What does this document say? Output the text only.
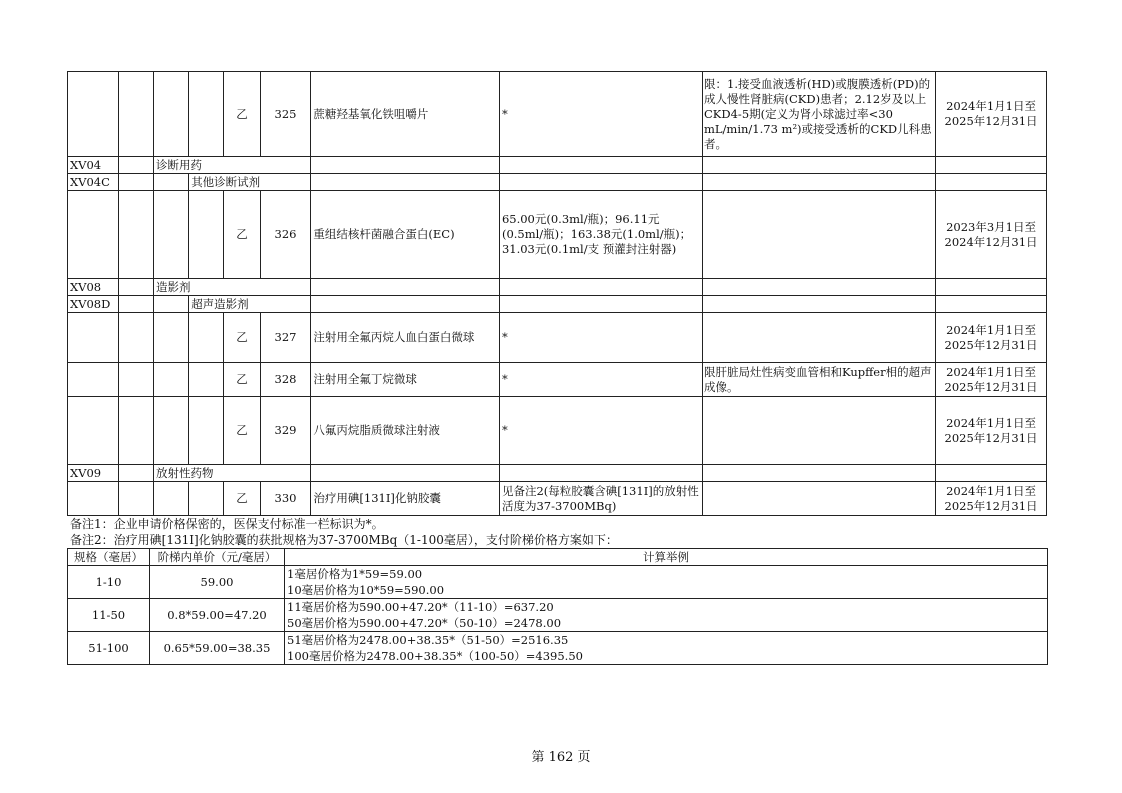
				乙	325	蔗糖羟基氧化铁咀嚼片	*	限：1.接受血液透析(HD)或腹膜透析(PD)的成人慢性肾脏病(CKD)患者；2.12岁及以上CKD4-5期(定义为肾小球滤过率<30 mL/min/1.73 m²)或接受透析的CKD儿科患者。	2024年1月1日至2025年12月31日
XV04		诊断用药							
XV04C			其他诊断试剂						
				乙	326	重组结核杆菌融合蛋白(EC)	65.00元(0.3ml/瓶)；96.11元(0.5ml/瓶)；163.38元(1.0ml/瓶)；31.03元(0.1ml/支 预灌封注射器)		2023年3月1日至2024年12月31日
XV08		造影剂							
XV08D			超声造影剂						
				乙	327	注射用全氟丙烷人血白蛋白微球	*		2024年1月1日至2025年12月31日
				乙	328	注射用全氟丁烷微球	*	限肝脏局灶性病变血管相和Kupffer相的超声成像。	2024年1月1日至2025年12月31日
				乙	329	八氟丙烷脂质微球注射液	*		2024年1月1日至2025年12月31日
XV09		放射性药物							
				乙	330	治疗用碘[131I]化钠胶囊	见备注2(每粒胶囊含碘[131I]的放射性活度为37-3700MBq)		2024年1月1日至2025年12月31日
备注1：企业申请价格保密的，医保支付标准一栏标识为*。
备注2：治疗用碘[131I]化钠胶囊的获批规格为37-3700MBq（1-100毫居），支付阶梯价格方案如下：
规格（毫居）	阶梯内单价（元/毫居）	计算举例
1-10	59.00	1毫居价格为1*59=59.00
10毫居价格为10*59=590.00

11-50	0.8*59.00=47.20	11毫居价格为590.00+47.20*（11-10）=637.20
50毫居价格为590.00+47.20*（50-10）=2478.00

51-100	0.65*59.00=38.35	51毫居价格为2478.00+38.35*（51-50）=2516.35
100毫居价格为2478.00+38.35*（100-50）=4395.50
第 162 页
